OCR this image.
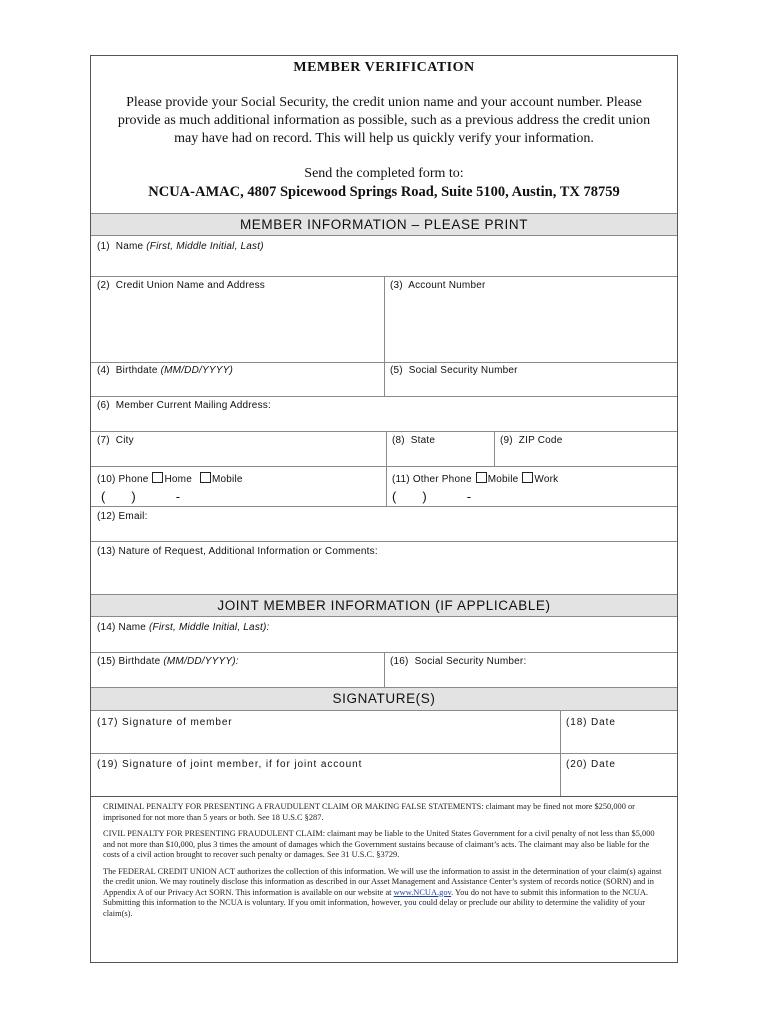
MEMBER VERIFICATION
Please provide your Social Security, the credit union name and your account number. Please
provide as much additional information as possible, such as a previous address the credit union
may have had on record. This will help us quickly verify your information.
Send the completed form to:
NCUA-AMAC, 4807 Spicewood Springs Road, Suite 5100, Austin, TX 78759
MEMBER INFORMATION – PLEASE PRINT
(1) Name (First, Middle Initial, Last)
(2) Credit Union Name and Address	(3) Account Number
(4) Birthdate (MM/DD/YYYY)	(5) Social Security Number
(6) Member Current Mailing Address:
(7) City	(8) State	(9) ZIP Code
(10) Phone Home Mobile
( )	-
(11) Other Phone Mobile Work
( )	-
(12) Email:
(13) Nature of Request, Additional Information or Comments:
JOINT MEMBER INFORMATION (IF APPLICABLE)
(14) Name (First, Middle Initial, Last):
(15) Birthdate (MM/DD/YYYY):	(16) Social Security Number:
SIGNATURE(S)
(17) Signature of member	(18) Date
(19) Signature of joint member, if for joint account	(20) Date

CRIMINAL PENALTY FOR PRESENTING A FRAUDULENT CLAIM OR MAKING FALSE STATEMENTS: claimant may be fined not more $250,000 or imprisoned for not more than 5 years or both. See 18 U.S.C §287.

CIVIL PENALTY FOR PRESENTING FRAUDULENT CLAIM: claimant may be liable to the United States Government for a civil penalty of not less than $5,000 and not more than $10,000, plus 3 times the amount of damages which the Government sustains because of claimant’s acts. The claimant may also be liable for the costs of a civil action brought to recover such penalty or damages. See 31 U.S.C. §3729.

The FEDERAL CREDIT UNION ACT authorizes the collection of this information. We will use the information to assist in the determination of your claim(s) against the credit union. We may routinely disclose this information as described in our Asset Management and Assistance Center’s system of records notice (SORN) and in Appendix A of our Privacy Act SORN. This information is available on our website at www.NCUA.gov. You do not have to submit this information to the NCUA. Submitting this information to the NCUA is voluntary. If you omit information, however, you could delay or preclude our ability to determine the validity of your claim(s).
